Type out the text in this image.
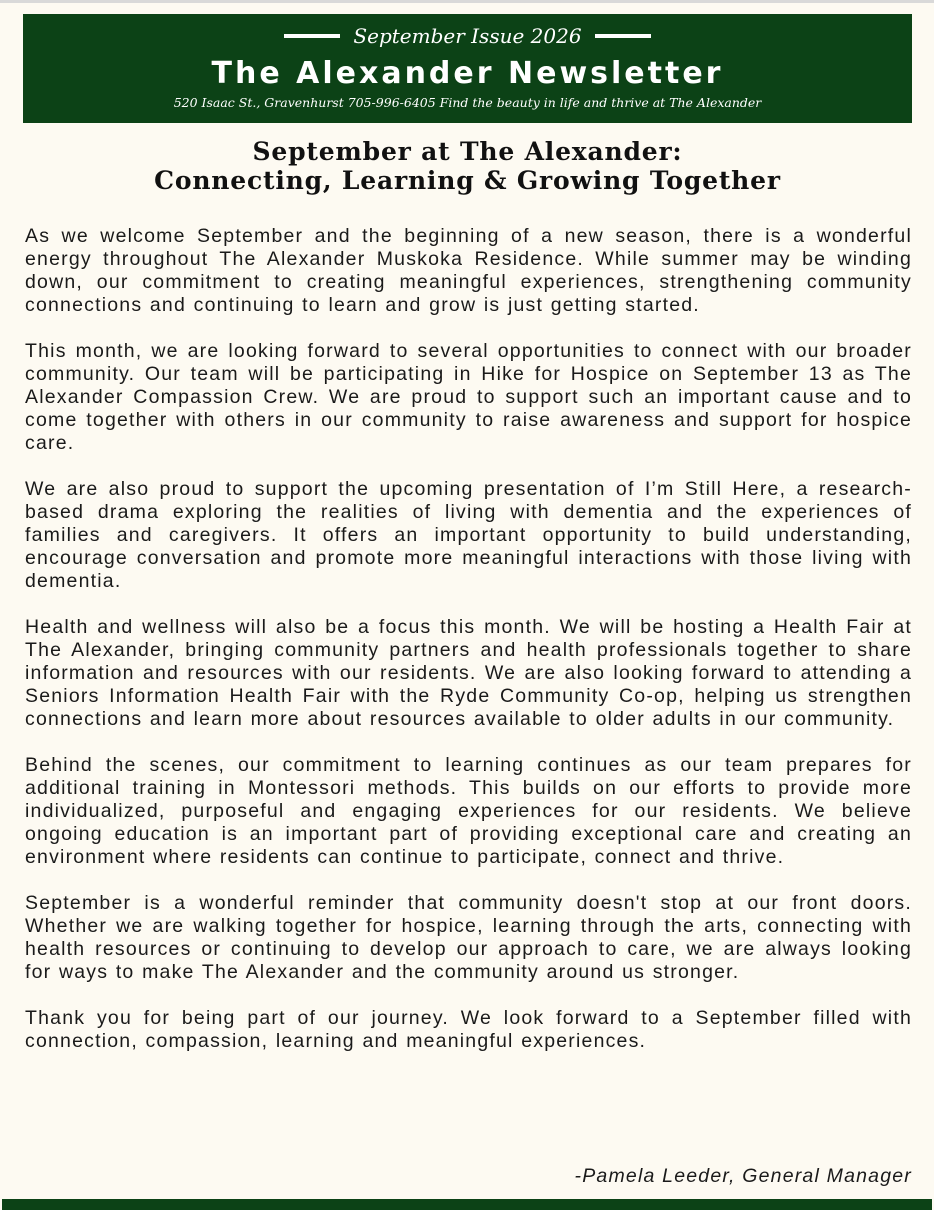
September Issue 2026
The Alexander Newsletter
520 Isaac St., Gravenhurst 705-996-6405 Find the beauty in life and thrive at The Alexander
September at The Alexander:
Connecting, Learning & Growing Together

As we welcome September and the beginning of a new season, there is a wonderful energy throughout The Alexander Muskoka Residence. While summer may be winding down, our commitment to creating meaningful experiences, strengthening community connections and continuing to learn and grow is just getting started.

This month, we are looking forward to several opportunities to connect with our broader community. Our team will be participating in Hike for Hospice on September 13 as The Alexander Compassion Crew. We are proud to support such an important cause and to come together with others in our community to raise awareness and support for hospice care.

We are also proud to support the upcoming presentation of I’m Still Here, a research-based drama exploring the realities of living with dementia and the experiences of families and caregivers. It offers an important opportunity to build understanding, encourage conversation and promote more meaningful interactions with those living with dementia.

Health and wellness will also be a focus this month. We will be hosting a Health Fair at The Alexander, bringing community partners and health professionals together to share information and resources with our residents. We are also looking forward to attending a Seniors Information Health Fair with the Ryde Community Co-op, helping us strengthen connections and learn more about resources available to older adults in our community.

Behind the scenes, our commitment to learning continues as our team prepares for additional training in Montessori methods. This builds on our efforts to provide more individualized, purposeful and engaging experiences for our residents. We believe ongoing education is an important part of providing exceptional care and creating an environment where residents can continue to participate, connect and thrive.

September is a wonderful reminder that community doesn't stop at our front doors. Whether we are walking together for hospice, learning through the arts, connecting with health resources or continuing to develop our approach to care, we are always looking for ways to make The Alexander and the community around us stronger.

Thank you for being part of our journey. We look forward to a September filled with connection, compassion, learning and meaningful experiences.

-Pamela Leeder, General Manager
